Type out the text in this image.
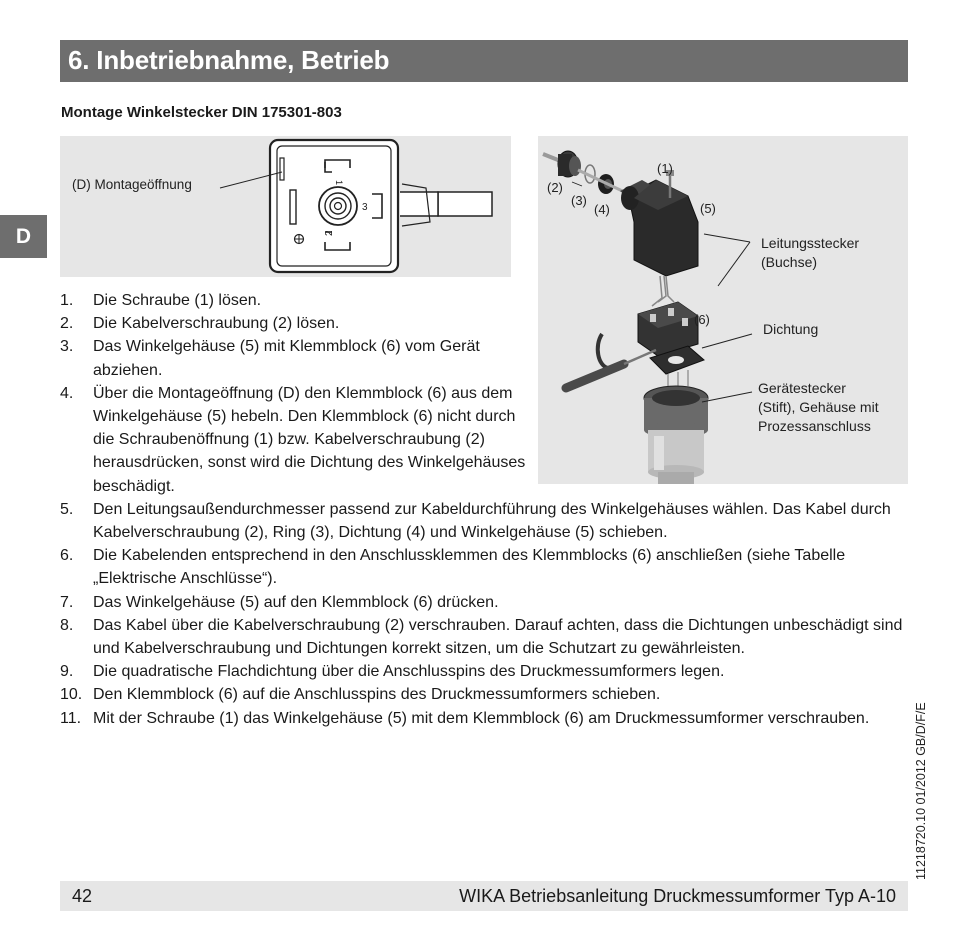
6. Inbetriebnahme, Betrieb
D
Montage Winkelstecker DIN 175301-803
1
3
2
(D) Montageöffnung
(1)
(2)
(3)
(4)	(5)
(6)
Leitungsstecker
(Buchse)
Dichtung
Gerätestecker
(Stift), Gehäuse mit
Prozessanschluss
1. Die Schraube (1) lösen.
2. Die Kabelverschraubung (2) lösen.
3. Das Winkelgehäuse (5) mit Klemmblock (6) vom Gerät abziehen.
4. Über die Montageöffnung (D) den Klemmblock (6) aus dem Winkelgehäuse (5) hebeln. Den Klemmblock (6) nicht durch die Schraubenöffnung (1) bzw. Kabelverschraubung (2) herausdrücken, sonst wird die Dichtung des Winkelgehäuses beschädigt.
5. Den Leitungsaußendurchmesser passend zur Kabeldurchführung des Winkelgehäuses wählen. Das Kabel durch Kabelverschraubung (2), Ring (3), Dichtung (4) und Winkelgehäuse (5) schieben.
6. Die Kabelenden entsprechend in den Anschlussklemmen des Klemmblocks (6) anschließen (siehe Tabelle „Elektrische Anschlüsse“).
7. Das Winkelgehäuse (5) auf den Klemmblock (6) drücken.
8. Das Kabel über die Kabelverschraubung (2) verschrauben. Darauf achten, dass die Dichtungen unbeschädigt sind und Kabelverschraubung und Dichtungen korrekt sitzen, um die Schutzart zu gewährleisten.
9. Die quadratische Flachdichtung über die Anschlusspins des Druckmessumformers legen.
10. Den Klemmblock (6) auf die Anschlusspins des Druckmessumformers schieben.
11. Mit der Schraube (1) das Winkelgehäuse (5) mit dem Klemmblock (6) am Druckmessumformer verschrauben.
42	WIKA Betriebsanleitung Druckmessumformer Typ A-10
11218720.10 01/2012 GB/D/F/E
